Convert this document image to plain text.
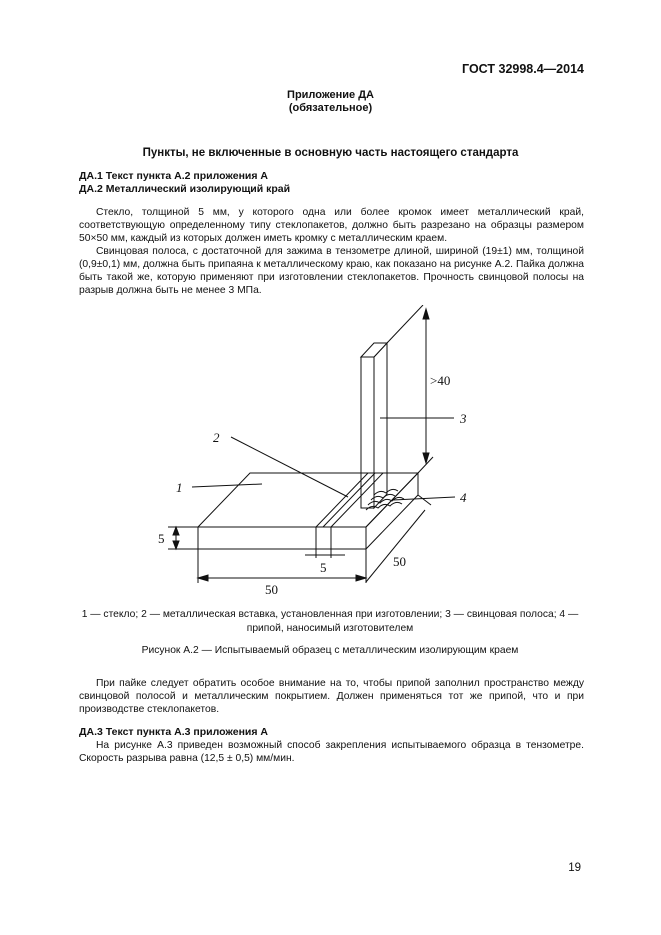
ГОСТ 32998.4—2014
Приложение ДА
(обязательное)
Пункты, не включенные в основную часть настоящего стандарта
ДА.1 Текст пункта А.2 приложения А
ДА.2 Металлический изолирующий край
Стекло, толщиной 5 мм, у которого одна или более кромок имеет металлический край, соответствующую определенному типу стеклопакетов, должно быть разрезано на образцы размером 50×50 мм, каждый из которых должен иметь кромку с металлическим краем.
Свинцовая полоса, с достаточной для зажима в тензометре длиной, шириной (19±1) мм, толщиной (0,9±0,1) мм, должна быть припаяна к металлическому краю, как показано на рисунке А.2. Пайка должна быть такой же, которую применяют при изготовлении стеклопакетов. Прочность свинцовой полосы на разрыв должна быть не менее 3 МПа.
1
2
3
4
>40
5
5
50
50
1 — стекло; 2 — металлическая вставка, установленная при изготовлении; 3 — свинцовая полоса; 4 — припой, наносимый изготовителем
Рисунок А.2 — Испытываемый образец с металлическим изолирующим краем
При пайке следует обратить особое внимание на то, чтобы припой заполнил пространство между свинцовой полосой и металлическим покрытием. Должен применяться тот же припой, что и при производстве стеклопакетов.
ДА.3 Текст пункта А.3 приложения А
На рисунке А.3 приведен возможный способ закрепления испытываемого образца в тензометре. Скорость разрыва равна (12,5 ± 0,5) мм/мин.
19
